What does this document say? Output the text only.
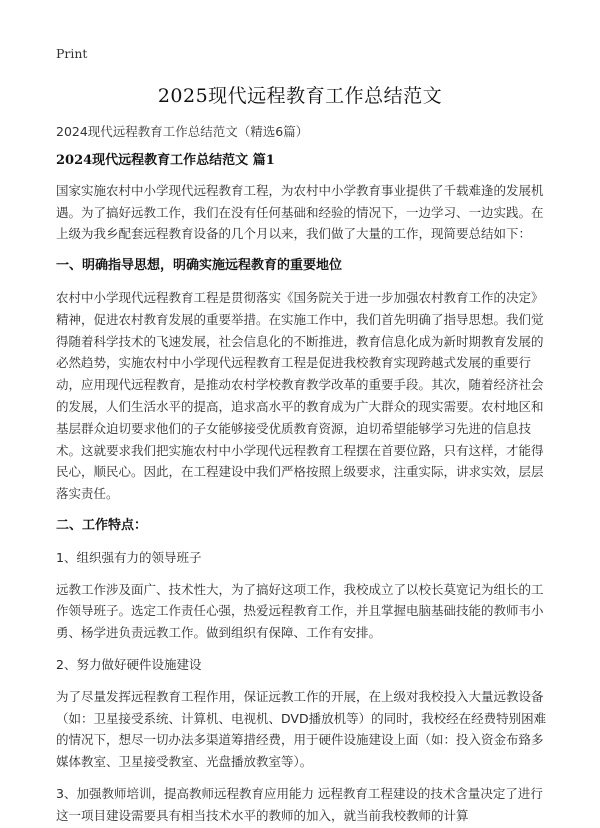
Print
2025现代远程教育工作总结范文
2024现代远程教育工作总结范文（精选6篇）

2024现代远程教育工作总结范文 篇1

国家实施农村中小学现代远程教育工程，为农村中小学教育事业提供了千载难逢的发展机遇。为了搞好远教工作，我们在没有任何基础和经验的情况下，一边学习、一边实践。在上级为我乡配套远程教育设备的几个月以来，我们做了大量的工作，现简要总结如下：

一、明确指导思想，明确实施远程教育的重要地位

农村中小学现代远程教育工程是贯彻落实《国务院关于进一步加强农村教育工作的决定》精神，促进农村教育发展的重要举措。在实施工作中，我们首先明确了指导思想。我们觉得随着科学技术的飞速发展，社会信息化的不断推进，教育信息化成为新时期教育发展的必然趋势，实施农村中小学现代远程教育工程是促进我校教育实现跨越式发展的重要行动，应用现代远程教育，是推动农村学校教育教学改革的重要手段。其次，随着经济社会的发展，人们生活水平的提高，追求高水平的教育成为广大群众的现实需要。农村地区和基层群众迫切要求他们的子女能够接受优质教育资源，迫切希望能够学习先进的信息技术。这就要求我们把实施农村中小学现代远程教育工程摆在首要位路，只有这样，才能得民心，顺民心。因此，在工程建设中我们严格按照上级要求，注重实际，讲求实效，层层落实责任。

二、工作特点：

1、组织强有力的领导班子

远教工作涉及面广、技术性大，为了搞好这项工作，我校成立了以校长莫宽记为组长的工作领导班子。选定工作责任心强，热爱远程教育工作，并且掌握电脑基础技能的教师韦小勇、杨学进负责远教工作。做到组织有保障、工作有安排。

2、努力做好硬件设施建设

为了尽量发挥远程教育工程作用，保证远教工作的开展，在上级对我校投入大量远教设备（如：卫星接受系统、计算机、电视机、DVD播放机等）的同时，我校经在经费特别困难的情况下，想尽一切办法多渠道筹措经费，用于硬件设施建设上面（如：投入资金布臵多媒体教室、卫星接受教室、光盘播放教室等）。

3、加强教师培训，提高教师远程教育应用能力 远程教育工程建设的技术含量决定了进行这一项目建设需要具有相当技术水平的教师的加入，就当前我校教师的计算
